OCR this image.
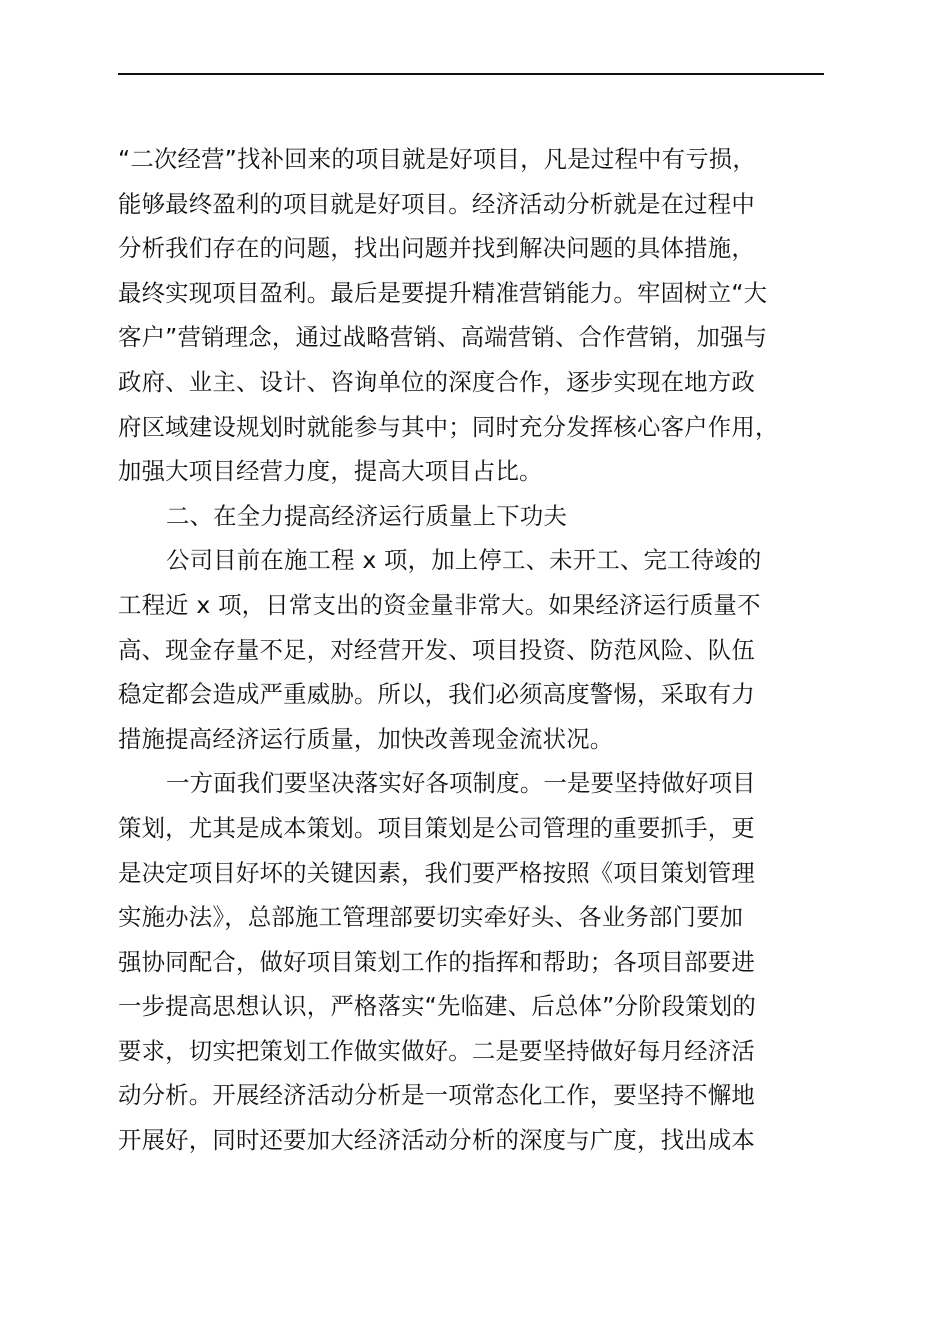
“二次经营”找补回来的项目就是好项目，凡是过程中有亏损，
能够最终盈利的项目就是好项目。经济活动分析就是在过程中
分析我们存在的问题，找出问题并找到解决问题的具体措施，
最终实现项目盈利。最后是要提升精准营销能力。牢固树立“大
客户”营销理念，通过战略营销、高端营销、合作营销，加强与
政府、业主、设计、咨询单位的深度合作，逐步实现在地方政
府区域建设规划时就能参与其中；同时充分发挥核心客户作用，
加强大项目经营力度，提高大项目占比。
二、在全力提高经济运行质量上下功夫
公司目前在施工程 x 项，加上停工、未开工、完工待竣的
工程近 x 项，日常支出的资金量非常大。如果经济运行质量不
高、现金存量不足，对经营开发、项目投资、防范风险、队伍
稳定都会造成严重威胁。所以，我们必须高度警惕，采取有力
措施提高经济运行质量，加快改善现金流状况。
一方面我们要坚决落实好各项制度。一是要坚持做好项目
策划，尤其是成本策划。项目策划是公司管理的重要抓手，更
是决定项目好坏的关键因素，我们要严格按照《项目策划管理
实施办法》，总部施工管理部要切实牵好头、各业务部门要加
强协同配合，做好项目策划工作的指挥和帮助；各项目部要进
一步提高思想认识，严格落实“先临建、后总体”分阶段策划的
要求，切实把策划工作做实做好。二是要坚持做好每月经济活
动分析。开展经济活动分析是一项常态化工作，要坚持不懈地
开展好，同时还要加大经济活动分析的深度与广度，找出成本
